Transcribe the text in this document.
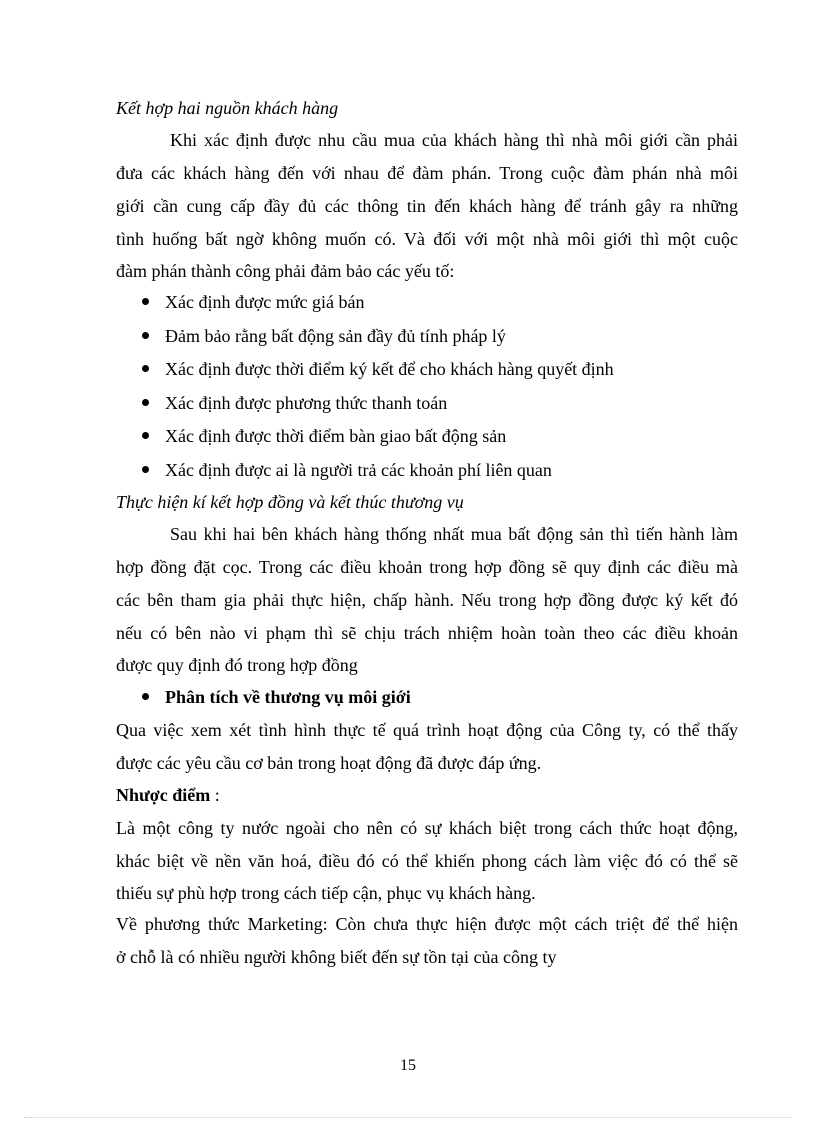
Kết hợp hai nguồn khách hàng
Khi xác định được nhu cầu mua của khách hàng thì nhà môi giới cần phải
đưa các khách hàng đến với nhau để đàm phán. Trong cuộc đàm phán nhà môi
giới cần cung cấp đầy đủ các thông tin đến khách hàng để tránh gây ra những
tình huống bất ngờ không muốn có. Và đối với một nhà môi giới thì một cuộc
đàm phán thành công phải đảm bảo các yếu tố:
Xác định được mức giá bán
Đảm bảo rằng bất động sản đầy đủ tính pháp lý
Xác định được thời điểm ký kết để cho khách hàng quyết định
Xác định được phương thức thanh toán
Xác định được thời điểm bàn giao bất động sản
Xác định được ai là người trả các khoản phí liên quan
Thực hiện kí kết hợp đồng và kết thúc thương vụ
Sau khi hai bên khách hàng thống nhất mua bất động sản thì tiến hành làm
hợp đồng đặt cọc. Trong các điều khoản trong hợp đồng sẽ quy định các điều mà
các bên tham gia phải thực hiện, chấp hành. Nếu trong hợp đồng được ký kết đó
nếu có bên nào vi phạm thì sẽ chịu trách nhiệm hoàn toàn theo các điều khoản
được quy định đó trong hợp đồng
Phân tích về thương vụ môi giới
Qua việc xem xét tình hình thực tế quá trình hoạt động của Công ty, có thể thấy
được các yêu cầu cơ bản trong hoạt động đã được đáp ứng.
Nhược điểm :
Là một công ty nước ngoài cho nên có sự khách biệt trong cách thức hoạt động,
khác biệt về nền văn hoá, điều đó có thể khiến phong cách làm việc đó có thể sẽ
thiếu sự phù hợp trong cách tiếp cận, phục vụ khách hàng.
Về phương thức Marketing: Còn chưa thực hiện được một cách triệt để thể hiện
ở chỗ là có nhiều người không biết đến sự tồn tại của công ty
15
